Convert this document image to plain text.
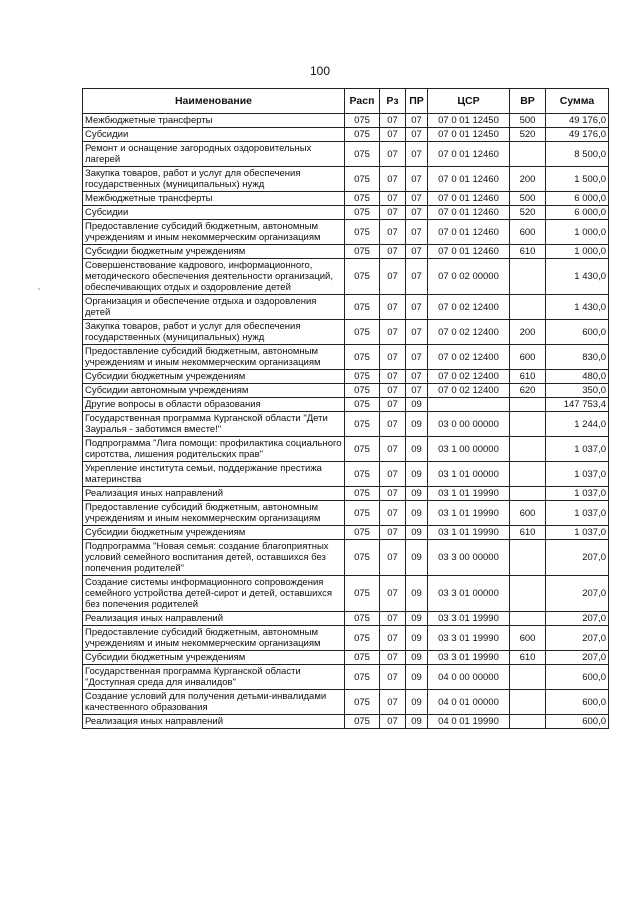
100
Наименование	Расп	Рз	ПР	ЦСР	ВР	Сумма
Межбюджетные трансферты	075	07	07	07 0 01 12450	500	49 176,0
Субсидии	075	07	07	07 0 01 12450	520	49 176,0
Ремонт и оснащение загородных оздоровительных лагерей	075	07	07	07 0 01 12460		8 500,0
Закупка товаров, работ и услуг для обеспечения государственных (муниципальных) нужд	075	07	07	07 0 01 12460	200	1 500,0
Межбюджетные трансферты	075	07	07	07 0 01 12460	500	6 000,0
Субсидии	075	07	07	07 0 01 12460	520	6 000,0
Предоставление субсидий бюджетным, автономным учреждениям и иным некоммерческим организациям	075	07	07	07 0 01 12460	600	1 000,0
Субсидии бюджетным учреждениям	075	07	07	07 0 01 12460	610	1 000,0
Совершенствование кадрового, информационного, методического обеспечения деятельности организаций, обеспечивающих отдых и оздоровление детей	075	07	07	07 0 02 00000		1 430,0
Организация и обеспечение отдыха и оздоровления детей	075	07	07	07 0 02 12400		1 430,0
Закупка товаров, работ и услуг для обеспечения государственных (муниципальных) нужд	075	07	07	07 0 02 12400	200	600,0
Предоставление субсидий бюджетным, автономным учреждениям и иным некоммерческим организациям	075	07	07	07 0 02 12400	600	830,0
Субсидии бюджетным учреждениям	075	07	07	07 0 02 12400	610	480,0
Субсидии автономным учреждениям	075	07	07	07 0 02 12400	620	350,0
Другие вопросы в области образования	075	07	09			147 753,4
Государственная программа Курганской области "Дети Зауралья - заботимся вместе!"	075	07	09	03 0 00 00000		1 244,0
Подпрограмма "Лига помощи: профилактика социального сиротства, лишения родительских прав"	075	07	09	03 1 00 00000		1 037,0
Укрепление института семьи, поддержание престижа материнства	075	07	09	03 1 01 00000		1 037,0
Реализация иных направлений	075	07	09	03 1 01 19990		1 037,0
Предоставление субсидий бюджетным, автономным учреждениям и иным некоммерческим организациям	075	07	09	03 1 01 19990	600	1 037,0
Субсидии бюджетным учреждениям	075	07	09	03 1 01 19990	610	1 037,0
Подпрограмма "Новая семья: создание благоприятных условий семейного воспитания детей, оставшихся без попечения родителей"	075	07	09	03 3 00 00000		207,0
Создание системы информационного сопровождения семейного устройства детей-сирот и детей, оставшихся без попечения родителей	075	07	09	03 3 01 00000		207,0
Реализация иных направлений	075	07	09	03 3 01 19990		207,0
Предоставление субсидий бюджетным, автономным учреждениям и иным некоммерческим организациям	075	07	09	03 3 01 19990	600	207,0
Субсидии бюджетным учреждениям	075	07	09	03 3 01 19990	610	207,0
Государственная программа Курганской области "Доступная среда для инвалидов"	075	07	09	04 0 00 00000		600,0
Создание условий для получения детьми-инвалидами качественного образования	075	07	09	04 0 01 00000		600,0
Реализация иных направлений	075	07	09	04 0 01 19990		600,0
